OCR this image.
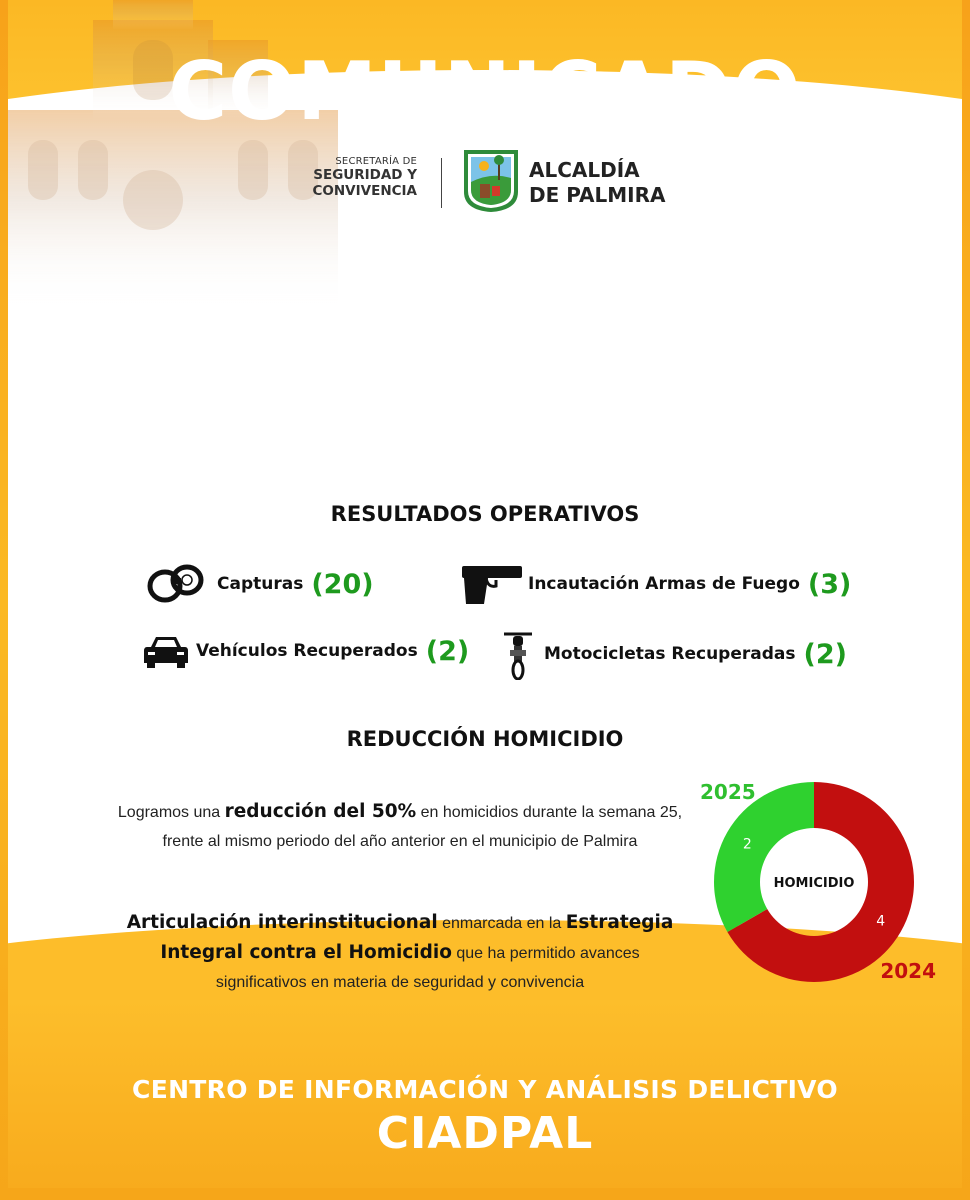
COMUNICADO
SECRETARÍA DE
SEGURIDAD Y
CONVIVENCIA
ALCALDÍA
DE PALMIRA
RESULTADOS OPERATIVOS
Capturas (20)	Incautación Armas de Fuego (3)
Vehículos Recuperados (2)	Motocicletas Recuperadas (2)
REDUCCIÓN HOMICIDIO
Logramos una reducción del 50% en homicidios durante la semana 25, frente al mismo periodo del año anterior en el municipio de Palmira
Articulación interinstitucional enmarcada en la Estrategia Integral contra el Homicidio que ha permitido avances significativos en materia de seguridad y convivencia
4
2
HOMICIDIO
2025
2024
CENTRO DE INFORMACIÓN Y ANÁLISIS DELICTIVO
CIADPAL
